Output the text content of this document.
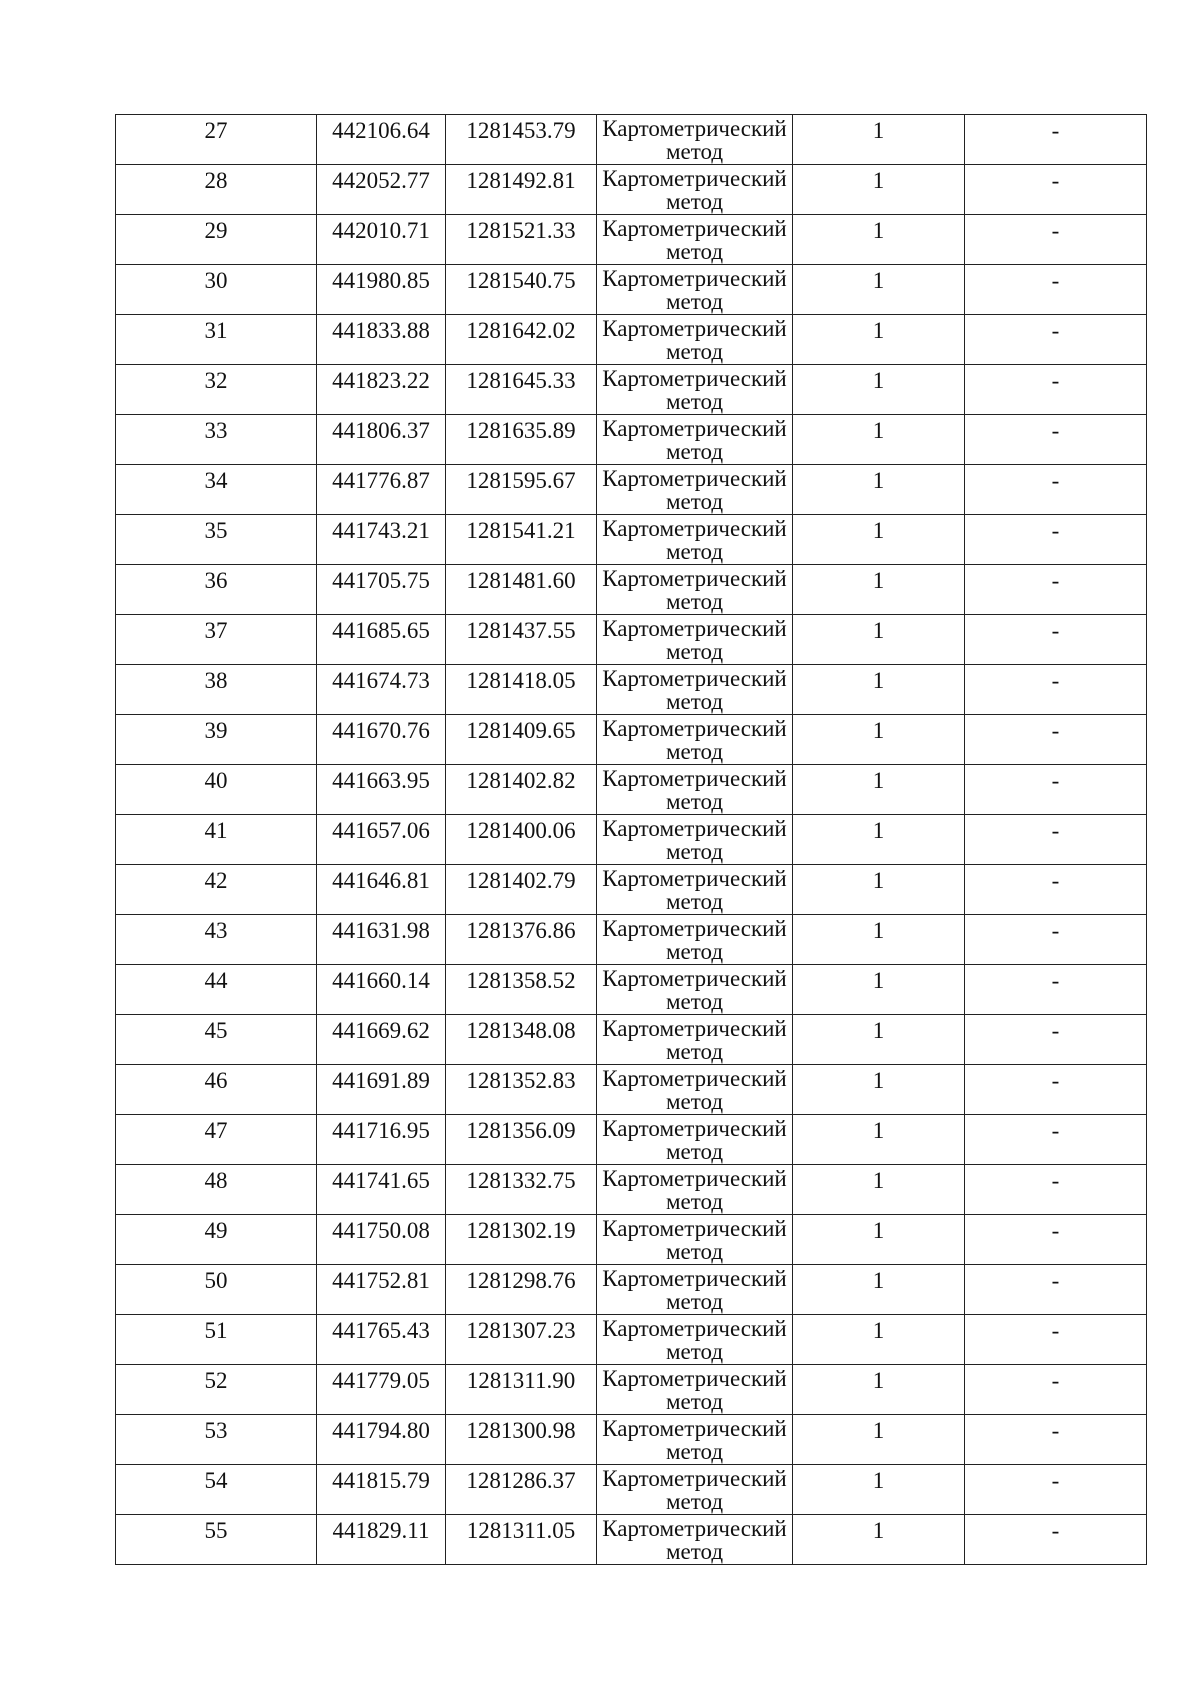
27	442106.64	1281453.79	Картометрический метод	1	-

28	442052.77	1281492.81	Картометрический метод	1	-

29	442010.71	1281521.33	Картометрический метод	1	-

30	441980.85	1281540.75	Картометрический метод	1	-

31	441833.88	1281642.02	Картометрический метод	1	-

32	441823.22	1281645.33	Картометрический метод	1	-

33	441806.37	1281635.89	Картометрический метод	1	-

34	441776.87	1281595.67	Картометрический метод	1	-

35	441743.21	1281541.21	Картометрический метод	1	-

36	441705.75	1281481.60	Картометрический метод	1	-

37	441685.65	1281437.55	Картометрический метод	1	-

38	441674.73	1281418.05	Картометрический метод	1	-

39	441670.76	1281409.65	Картометрический метод	1	-

40	441663.95	1281402.82	Картометрический метод	1	-

41	441657.06	1281400.06	Картометрический метод	1	-

42	441646.81	1281402.79	Картометрический метод	1	-

43	441631.98	1281376.86	Картометрический метод	1	-

44	441660.14	1281358.52	Картометрический метод	1	-

45	441669.62	1281348.08	Картометрический метод	1	-

46	441691.89	1281352.83	Картометрический метод	1	-

47	441716.95	1281356.09	Картометрический метод	1	-

48	441741.65	1281332.75	Картометрический метод	1	-

49	441750.08	1281302.19	Картометрический метод	1	-

50	441752.81	1281298.76	Картометрический метод	1	-

51	441765.43	1281307.23	Картометрический метод	1	-

52	441779.05	1281311.90	Картометрический метод	1	-

53	441794.80	1281300.98	Картометрический метод	1	-

54	441815.79	1281286.37	Картометрический метод	1	-

55	441829.11	1281311.05	Картометрический метод	1	-
